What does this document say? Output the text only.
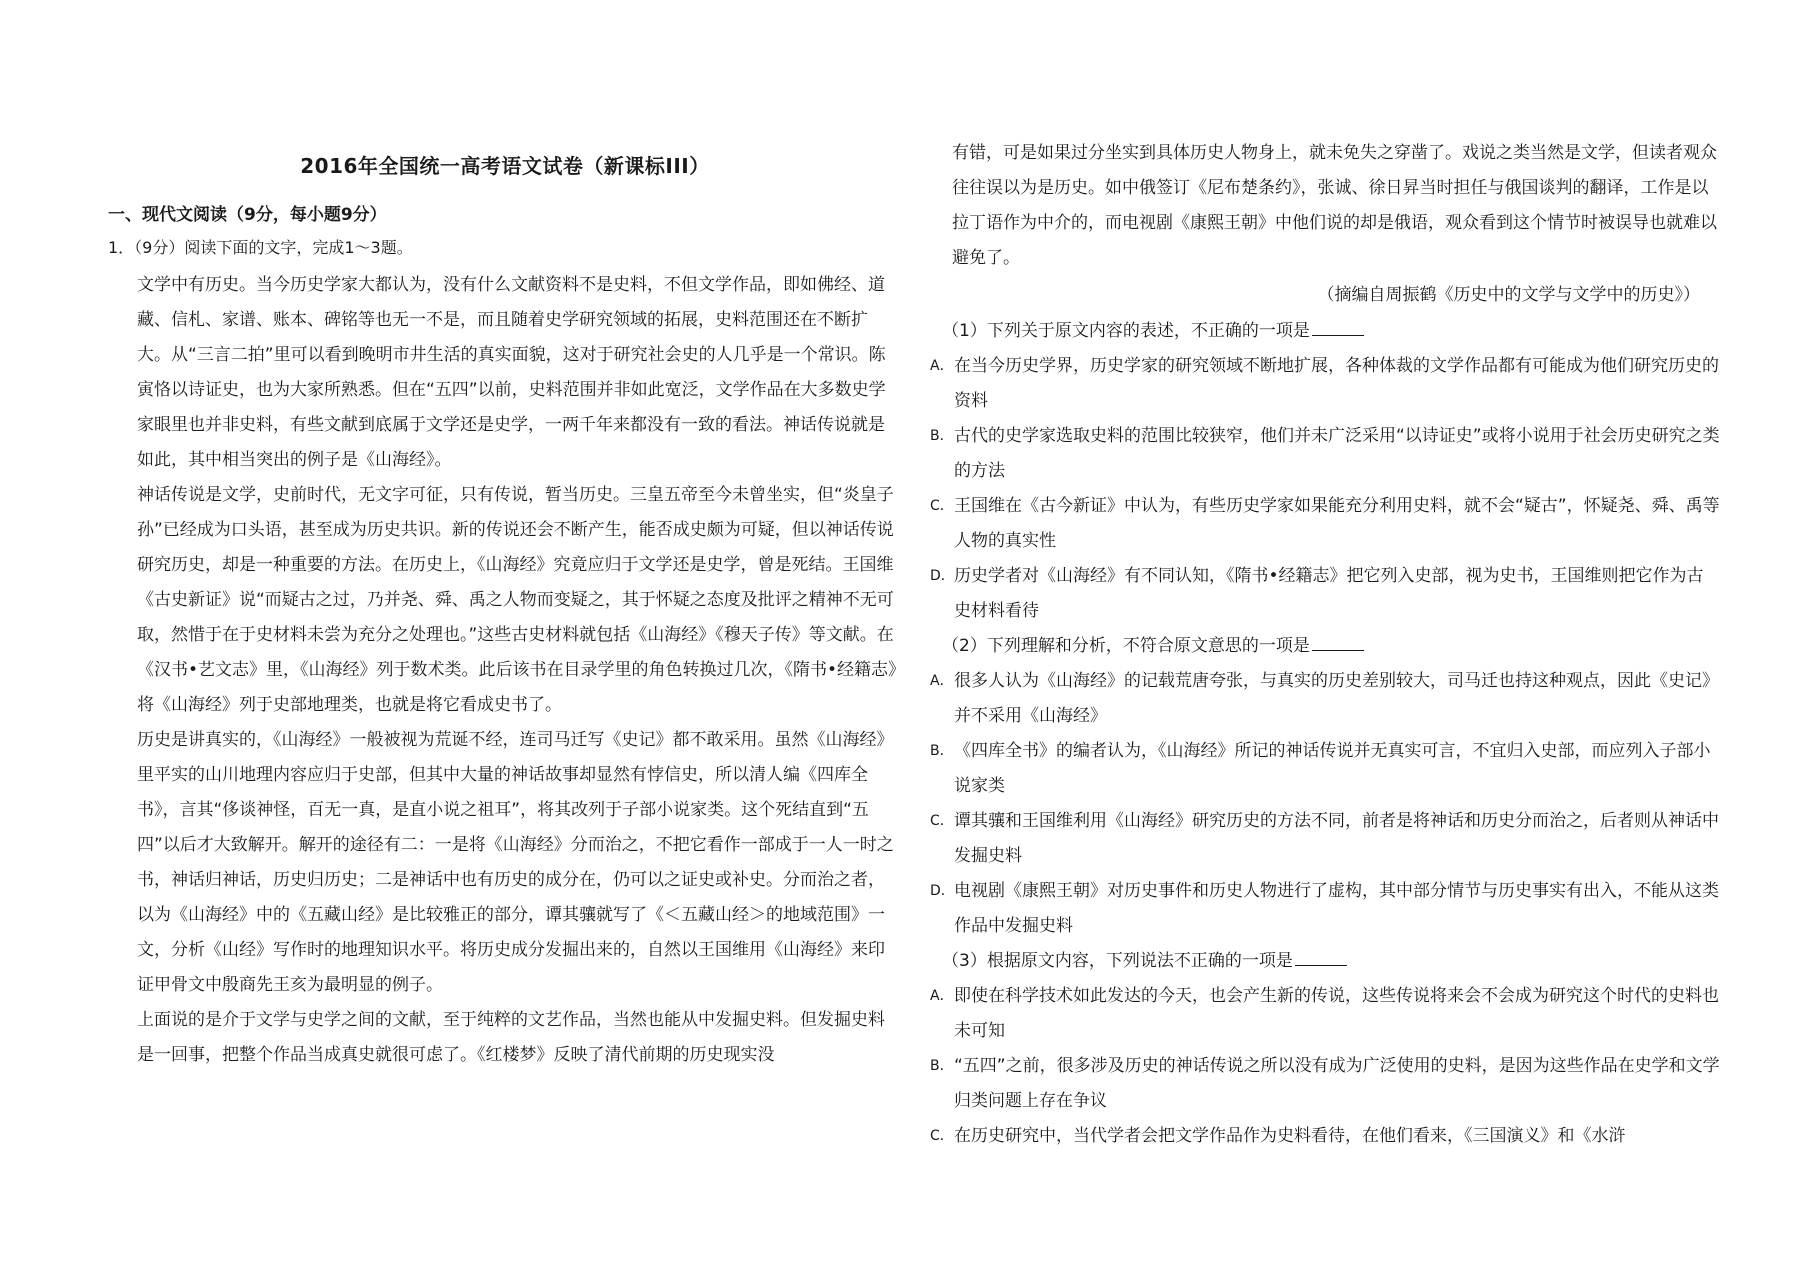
2016年全国统一高考语文试卷（新课标III）
一、现代文阅读（9分，每小题9分）
1．（9分）阅读下面的文字，完成1～3题。

文学中有历史。当今历史学家大都认为，没有什么文献资料不是史料，不但文学作品，即如佛经、道藏、信札、家谱、账本、碑铭等也无一不是，而且随着史学研究领域的拓展，史料范围还在不断扩大。从“三言二拍”里可以看到晚明市井生活的真实面貌，这对于研究社会史的人几乎是一个常识。陈寅恪以诗证史，也为大家所熟悉。但在“五四”以前，史料范围并非如此宽泛，文学作品在大多数史学家眼里也并非史料，有些文献到底属于文学还是史学，一两千年来都没有一致的看法。神话传说就是如此，其中相当突出的例子是《山海经》。

神话传说是文学，史前时代，无文字可征，只有传说，暂当历史。三皇五帝至今未曾坐实，但“炎皇子孙”已经成为口头语，甚至成为历史共识。新的传说还会不断产生，能否成史颇为可疑，但以神话传说研究历史，却是一种重要的方法。在历史上，《山海经》究竟应归于文学还是史学，曾是死结。王国维《古史新证》说“而疑古之过，乃并尧、舜、禹之人物而变疑之，其于怀疑之态度及批评之精神不无可取，然惜于在于史材料未尝为充分之处理也。”这些古史材料就包括《山海经》《穆天子传》等文献。在《汉书•艺文志》里，《山海经》列于数术类。此后该书在目录学里的角色转换过几次，《隋书•经籍志》将《山海经》列于史部地理类，也就是将它看成史书了。

历史是讲真实的，《山海经》一般被视为荒诞不经，连司马迁写《史记》都不敢采用。虽然《山海经》里平实的山川地理内容应归于史部，但其中大量的神话故事却显然有悖信史，所以清人编《四库全书》，言其“侈谈神怪，百无一真，是直小说之祖耳”，将其改列于子部小说家类。这个死结直到“五四”以后才大致解开。解开的途径有二：一是将《山海经》分而治之，不把它看作一部成于一人一时之书，神话归神话，历史归历史；二是神话中也有历史的成分在，仍可以之证史或补史。分而治之者，以为《山海经》中的《五藏山经》是比较雅正的部分，谭其骧就写了《＜五藏山经＞的地域范围》一文，分析《山经》写作时的地理知识水平。将历史成分发掘出来的，自然以王国维用《山海经》来印证甲骨文中殷商先王亥为最明显的例子。

上面说的是介于文学与史学之间的文献，至于纯粹的文艺作品，当然也能从中发掘史料。但发掘史料是一回事，把整个作品当成真史就很可虑了。《红楼梦》反映了清代前期的历史现实没

有错，可是如果过分坐实到具体历史人物身上，就未免失之穿凿了。戏说之类当然是文学，但读者观众往往误以为是历史。如中俄签订《尼布楚条约》，张诚、徐日昇当时担任与俄国谈判的翻译，工作是以拉丁语作为中介的，而电视剧《康熙王朝》中他们说的却是俄语，观众看到这个情节时被误导也就难以避免了。

（摘编自周振鹤《历史中的文学与文学中的历史》）

（1）下列关于原文内容的表述，不正确的一项是

A． 在当今历史学界，历史学家的研究领域不断地扩展，各种体裁的文学作品都有可能成为他们研究历史的资料
B． 古代的史学家选取史料的范围比较狭窄，他们并未广泛采用“以诗证史”或将小说用于社会历史研究之类的方法
C． 王国维在《古今新证》中认为，有些历史学家如果能充分利用史料，就不会“疑古”，怀疑尧、舜、禹等人物的真实性
D． 历史学者对《山海经》有不同认知，《隋书•经籍志》把它列入史部，视为史书，王国维则把它作为古史材料看待

（2）下列理解和分析，不符合原文意思的一项是

A． 很多人认为《山海经》的记载荒唐夸张，与真实的历史差别较大，司马迁也持这种观点，因此《史记》并不采用《山海经》
B． 《四库全书》的编者认为，《山海经》所记的神话传说并无真实可言，不宜归入史部，而应列入子部小说家类
C． 谭其骧和王国维利用《山海经》研究历史的方法不同，前者是将神话和历史分而治之，后者则从神话中发掘史料
D． 电视剧《康熙王朝》对历史事件和历史人物进行了虚构，其中部分情节与历史事实有出入，不能从这类作品中发掘史料

（3）根据原文内容，下列说法不正确的一项是

A． 即使在科学技术如此发达的今天，也会产生新的传说，这些传说将来会不会成为研究这个时代的史料也未可知
B． “五四”之前，很多涉及历史的神话传说之所以没有成为广泛使用的史料，是因为这些作品在史学和文学归类问题上存在争议
C． 在历史研究中，当代学者会把文学作品作为史料看待，在他们看来，《三国演义》和《水浒
